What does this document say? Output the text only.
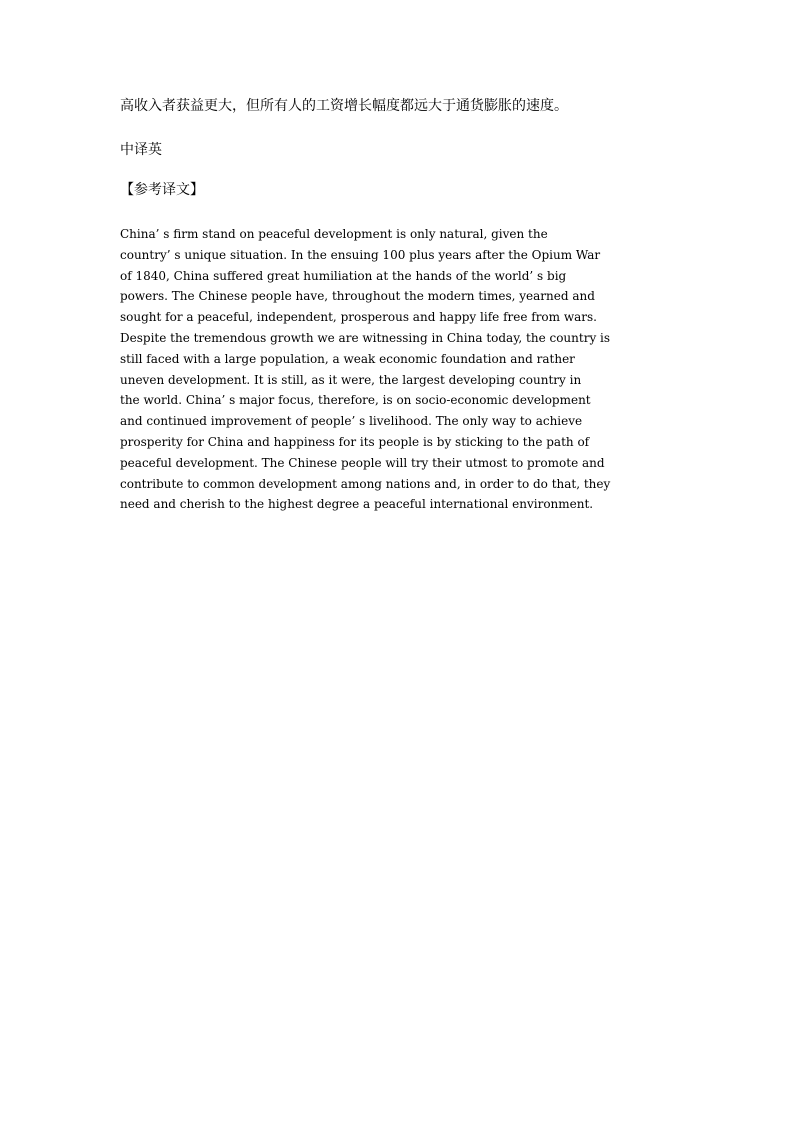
高收入者获益更大，但所有人的工资增长幅度都远大于通货膨胀的速度。
中译英
【参考译文】
China’ s firm stand on peaceful development is only natural, given the
country’ s unique situation. In the ensuing 100 plus years after the Opium War
of 1840, China suffered great humiliation at the hands of the world’ s big
powers. The Chinese people have, throughout the modern times, yearned and
sought for a peaceful, independent, prosperous and happy life free from wars.
Despite the tremendous growth we are witnessing in China today, the country is
still faced with a large population, a weak economic foundation and rather
uneven development. It is still, as it were, the largest developing country in
the world. China’ s major focus, therefore, is on socio-economic development
and continued improvement of people’ s livelihood. The only way to achieve
prosperity for China and happiness for its people is by sticking to the path of
peaceful development. The Chinese people will try their utmost to promote and
contribute to common development among nations and, in order to do that, they
need and cherish to the highest degree a peaceful international environment.
